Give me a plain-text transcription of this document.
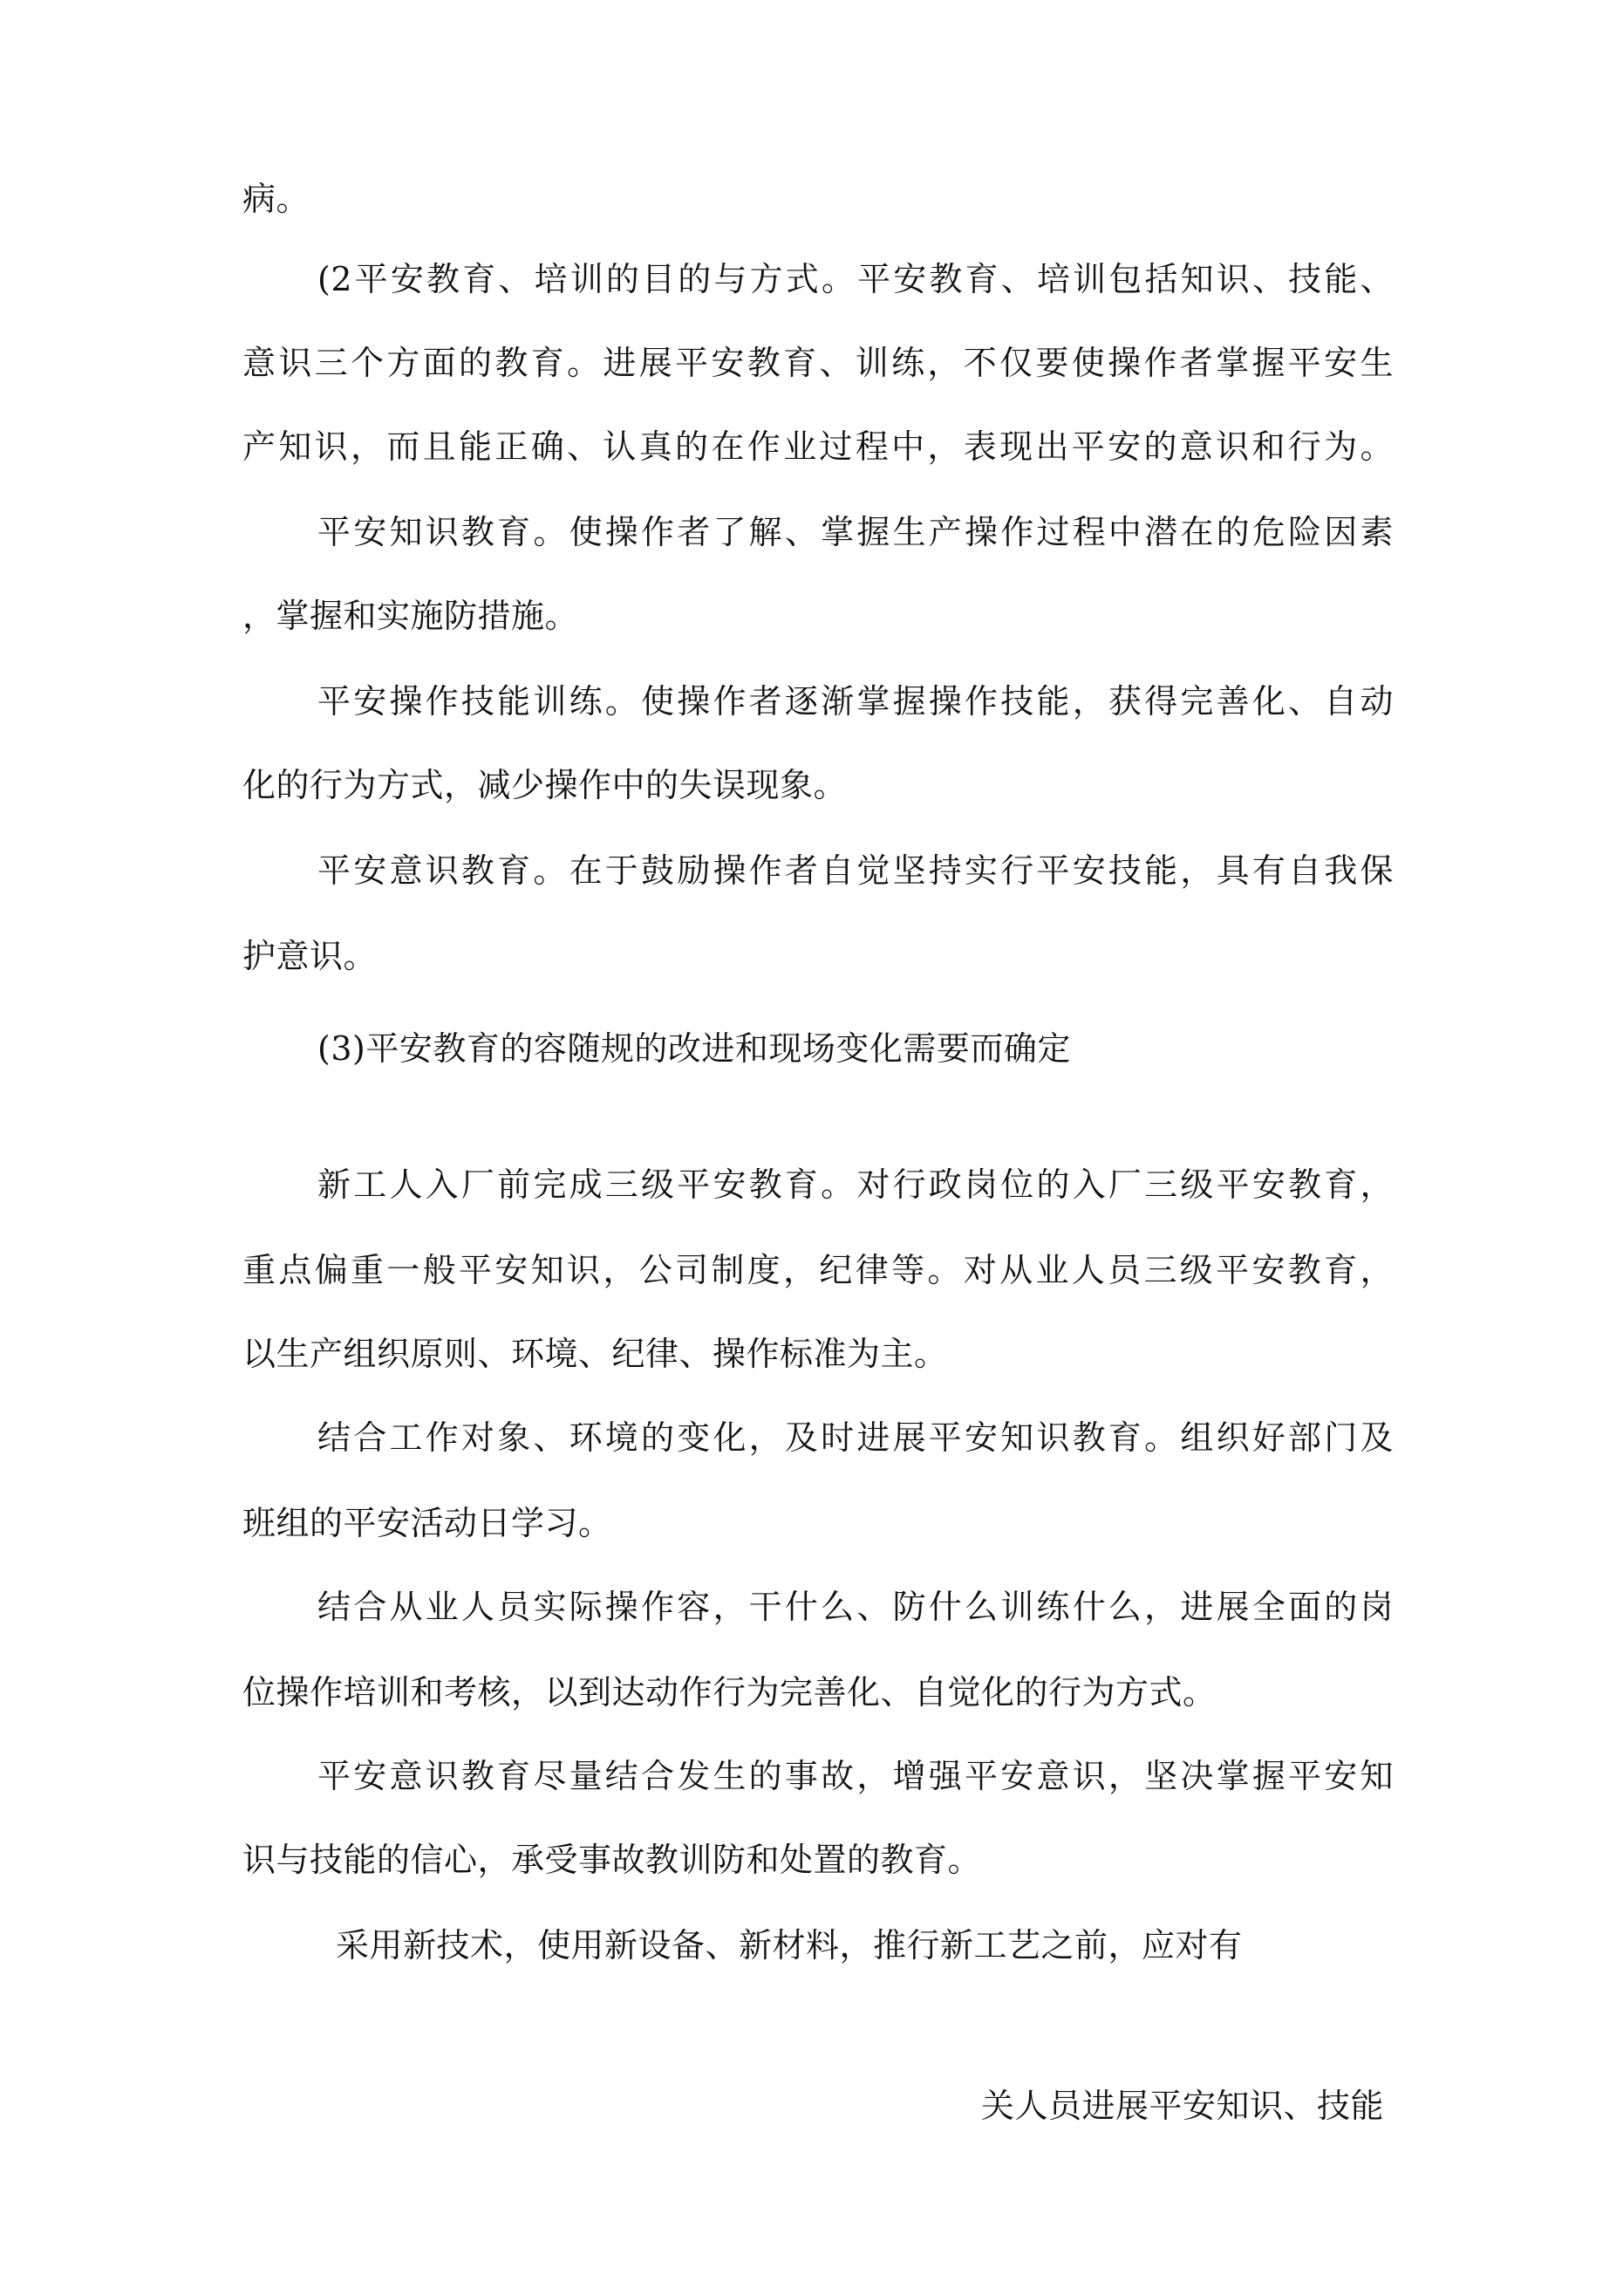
病。
(2平安教育、培训的目的与方式。平安教育、培训包括知识、技能、
意识三个方面的教育。进展平安教育、训练，不仅要使操作者掌握平安生
产知识，而且能正确、认真的在作业过程中，表现出平安的意识和行为。
平安知识教育。使操作者了解、掌握生产操作过程中潜在的危险因素
，掌握和实施防措施。
平安操作技能训练。使操作者逐渐掌握操作技能，获得完善化、自动
化的行为方式，减少操作中的失误现象。
平安意识教育。在于鼓励操作者自觉坚持实行平安技能，具有自我保
护意识。
(3)平安教育的容随规的改进和现场变化需要而确定
新工人入厂前完成三级平安教育。对行政岗位的入厂三级平安教育，
重点偏重一般平安知识，公司制度，纪律等。对从业人员三级平安教育，
以生产组织原则、环境、纪律、操作标准为主。
结合工作对象、环境的变化，及时进展平安知识教育。组织好部门及
班组的平安活动日学习。
结合从业人员实际操作容，干什么、防什么训练什么，进展全面的岗
位操作培训和考核，以到达动作行为完善化、自觉化的行为方式。
平安意识教育尽量结合发生的事故，增强平安意识，坚决掌握平安知
识与技能的信心，承受事故教训防和处置的教育。
采用新技术，使用新设备、新材料，推行新工艺之前，应对有
关人员进展平安知识、技能
